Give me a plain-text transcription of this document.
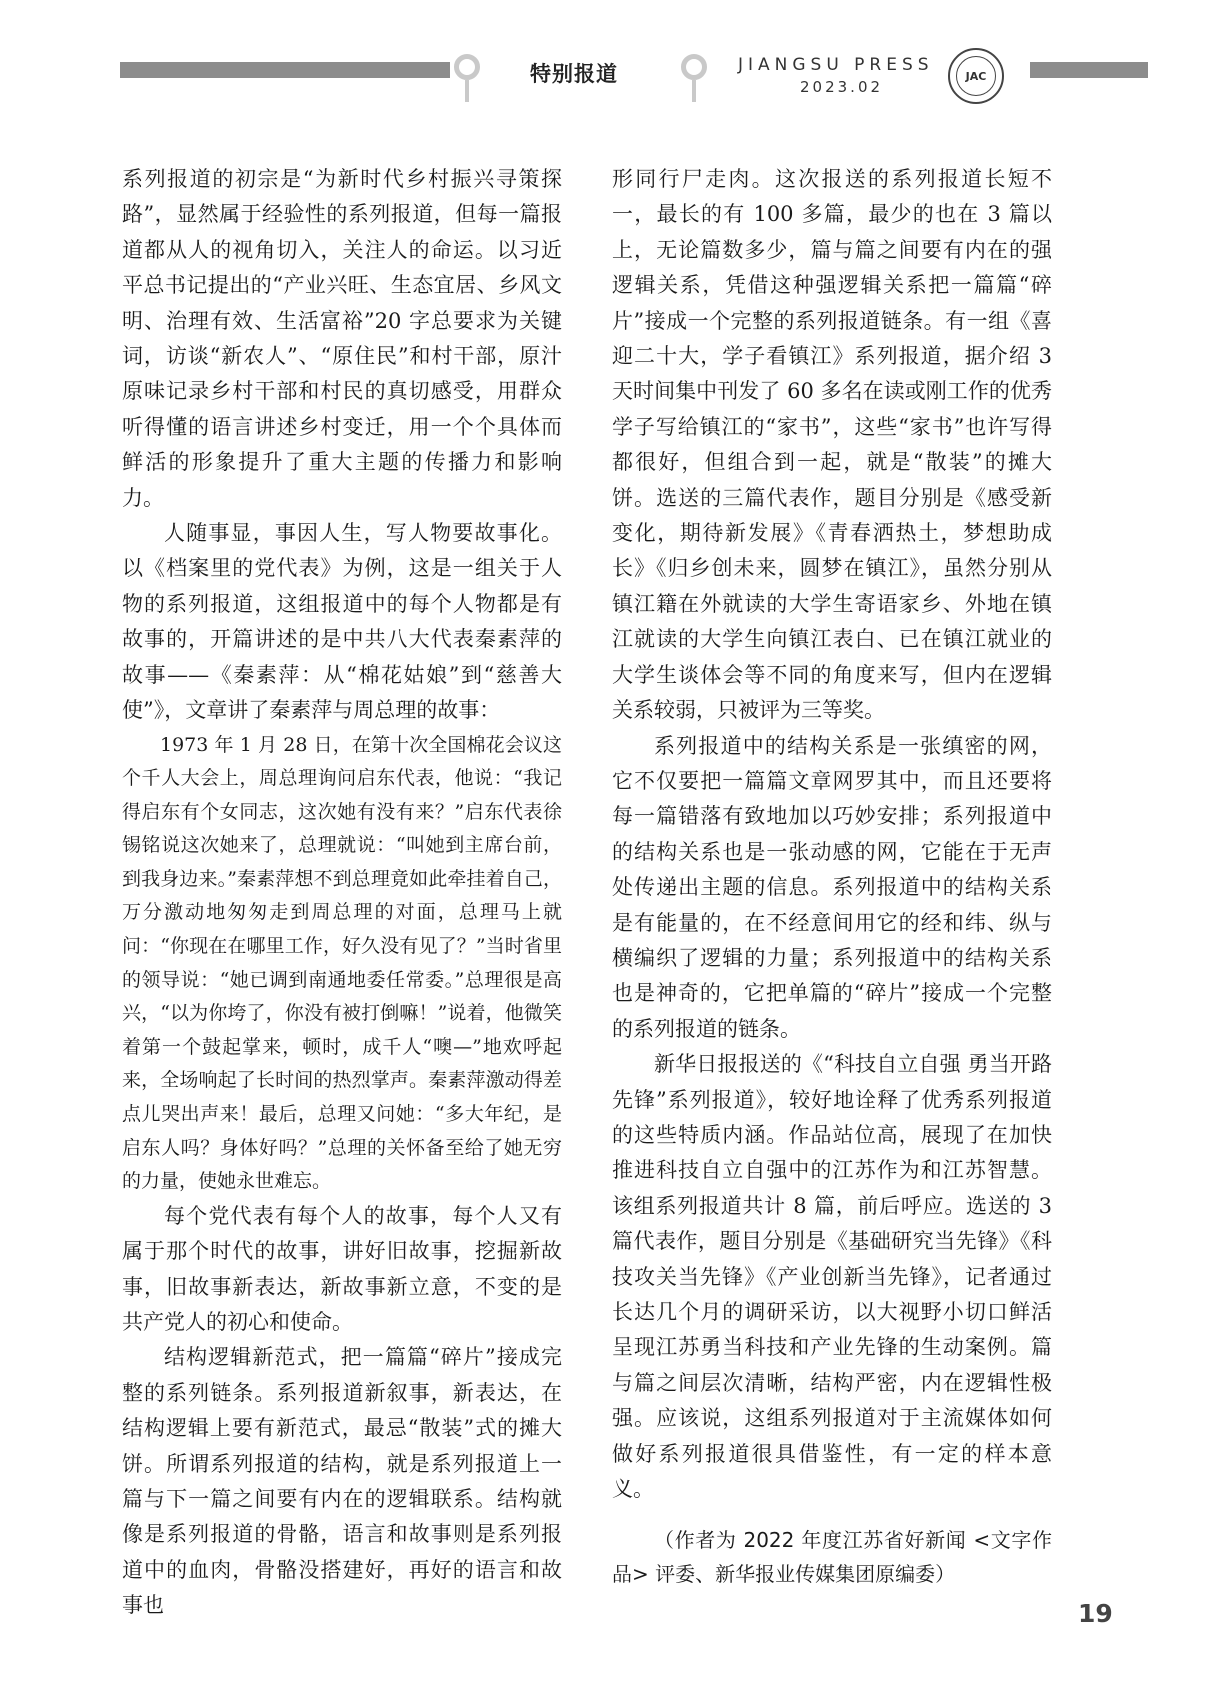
特别报道	JIANGSU PRESS
2023.02
JAC

系列报道的初宗是“为新时代乡村振兴寻策探路”，显然属于经验性的系列报道，但每一篇报道都从人的视角切入，关注人的命运。以习近平总书记提出的“产业兴旺、生态宜居、乡风文明、治理有效、生活富裕”20 字总要求为关键词，访谈“新农人”、“原住民”和村干部，原汁原味记录乡村干部和村民的真切感受，用群众听得懂的语言讲述乡村变迁，用一个个具体而鲜活的形象提升了重大主题的传播力和影响力。

人随事显，事因人生，写人物要故事化。以《档案里的党代表》为例，这是一组关于人物的系列报道，这组报道中的每个人物都是有故事的，开篇讲述的是中共八大代表秦素萍的故事——《秦素萍：从“棉花姑娘”到“慈善大使”》，文章讲了秦素萍与周总理的故事：

1973 年 1 月 28 日，在第十次全国棉花会议这个千人大会上，周总理询问启东代表，他说：“我记得启东有个女同志，这次她有没有来？”启东代表徐锡铭说这次她来了，总理就说：“叫她到主席台前，到我身边来。”秦素萍想不到总理竟如此牵挂着自己，万分激动地匆匆走到周总理的对面，总理马上就问：“你现在在哪里工作，好久没有见了？”当时省里的领导说：“她已调到南通地委任常委。”总理很是高兴，“以为你垮了，你没有被打倒嘛！”说着，他微笑着第一个鼓起掌来，顿时，成千人“噢—”地欢呼起来，全场响起了长时间的热烈掌声。秦素萍激动得差点儿哭出声来！最后，总理又问她：“多大年纪，是启东人吗？身体好吗？”总理的关怀备至给了她无穷的力量，使她永世难忘。

每个党代表有每个人的故事，每个人又有属于那个时代的故事，讲好旧故事，挖掘新故事，旧故事新表达，新故事新立意，不变的是共产党人的初心和使命。

结构逻辑新范式，把一篇篇“碎片”接成完整的系列链条。系列报道新叙事，新表达，在结构逻辑上要有新范式，最忌“散装”式的摊大饼。所谓系列报道的结构，就是系列报道上一篇与下一篇之间要有内在的逻辑联系。结构就像是系列报道的骨骼，语言和故事则是系列报道中的血肉，骨骼没搭建好，再好的语言和故事也

形同行尸走肉。这次报送的系列报道长短不一，最长的有 100 多篇，最少的也在 3 篇以上，无论篇数多少，篇与篇之间要有内在的强逻辑关系，凭借这种强逻辑关系把一篇篇“碎片”接成一个完整的系列报道链条。有一组《喜迎二十大，学子看镇江》系列报道，据介绍 3 天时间集中刊发了 60 多名在读或刚工作的优秀学子写给镇江的“家书”，这些“家书”也许写得都很好，但组合到一起，就是“散装”的摊大饼。选送的三篇代表作，题目分别是《感受新变化，期待新发展》《青春洒热土，梦想助成长》《归乡创未来，圆梦在镇江》，虽然分别从镇江籍在外就读的大学生寄语家乡、外地在镇江就读的大学生向镇江表白、已在镇江就业的大学生谈体会等不同的角度来写，但内在逻辑关系较弱，只被评为三等奖。

系列报道中的结构关系是一张缜密的网，它不仅要把一篇篇文章网罗其中，而且还要将每一篇错落有致地加以巧妙安排；系列报道中的结构关系也是一张动感的网，它能在于无声处传递出主题的信息。系列报道中的结构关系是有能量的，在不经意间用它的经和纬、纵与横编织了逻辑的力量；系列报道中的结构关系也是神奇的，它把单篇的“碎片”接成一个完整的系列报道的链条。

新华日报报送的《“科技自立自强 勇当开路先锋”系列报道》，较好地诠释了优秀系列报道的这些特质内涵。作品站位高，展现了在加快推进科技自立自强中的江苏作为和江苏智慧。该组系列报道共计 8 篇，前后呼应。选送的 3 篇代表作，题目分别是《基础研究当先锋》《科技攻关当先锋》《产业创新当先锋》，记者通过长达几个月的调研采访，以大视野小切口鲜活呈现江苏勇当科技和产业先锋的生动案例。篇与篇之间层次清晰，结构严密，内在逻辑性极强。应该说，这组系列报道对于主流媒体如何做好系列报道很具借鉴性，有一定的样本意义。

（作者为 2022 年度江苏省好新闻 <文字作品> 评委、新华报业传媒集团原编委）

19
